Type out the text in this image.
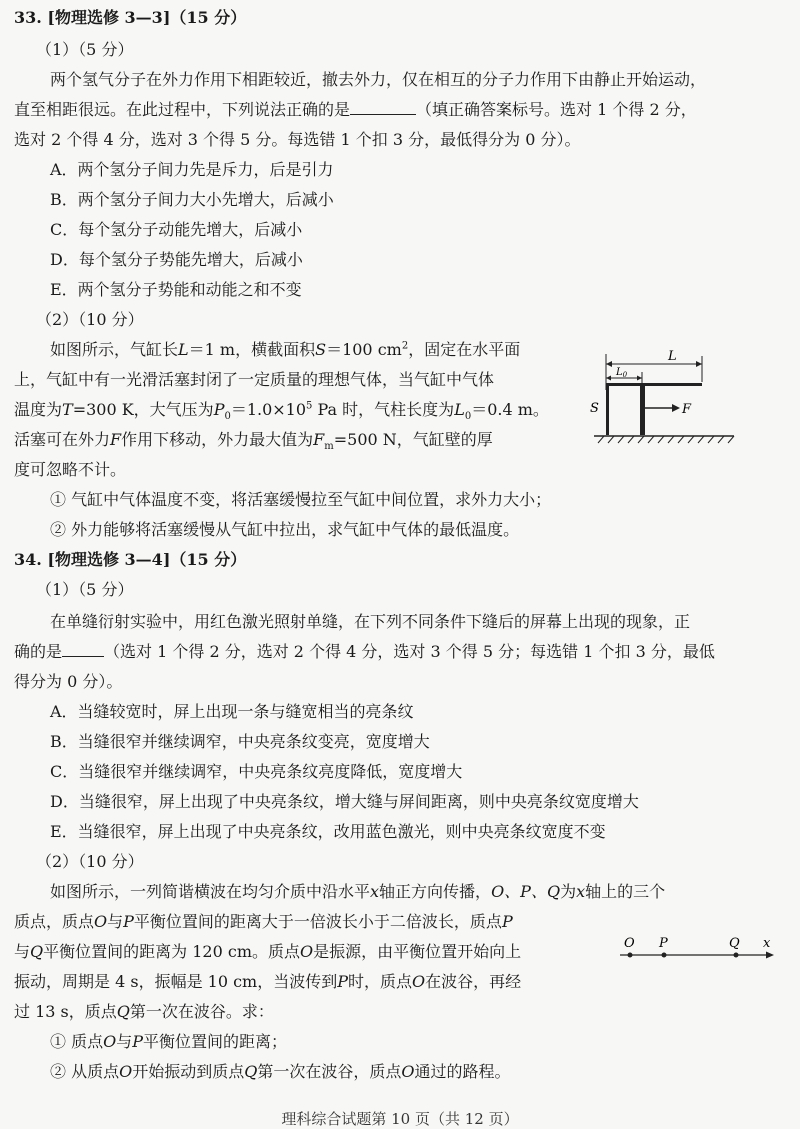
33. [物理选修 3—3]（15 分）
（1）（5 分）
两个氢气分子在外力作用下相距较近，撤去外力，仅在相互的分子力作用下由静止开始运动，
直至相距很远。在此过程中，下列说法正确的是	（填正确答案标号。选对 1 个得 2 分，
选对 2 个得 4 分，选对 3 个得 5 分。每选错 1 个扣 3 分，最低得分为 0 分）。
A．两个氢分子间力先是斥力，后是引力
B．两个氢分子间力大小先增大，后减小
C．每个氢分子动能先增大，后减小
D．每个氢分子势能先增大，后减小
E．两个氢分子势能和动能之和不变
（2）（10 分）
如图所示，气缸长L＝1 m，横截面积S＝100 $cm^2$，固定在水平面
上，气缸中有一光滑活塞封闭了一定质量的理想气体，当气缸中气体
温度为T=300 K，大气压为$P_0=1.0\times 10^5$ Pa 时，气柱长度为$L_0=0.4$ m。
活塞可在外力F作用下移动，外力最大值为$F_m=500$ N，气缸壁的厚
度可忽略不计。
① 气缸中气体温度不变，将活塞缓慢拉至气缸中间位置，求外力大小；
② 外力能够将活塞缓慢从气缸中拉出，求气缸中气体的最低温度。
L
$L_0$
F
S
34. [物理选修 3—4]（15 分）
（1）（5 分）
在单缝衍射实验中，用红色激光照射单缝，在下列不同条件下缝后的屏幕上出现的现象，正
确的是	（选对 1 个得 2 分，选对 2 个得 4 分，选对 3 个得 5 分；每选错 1 个扣 3 分，最低
得分为 0 分）。
A．当缝较宽时，屏上出现一条与缝宽相当的亮条纹
B．当缝很窄并继续调窄，中央亮条纹变亮，宽度增大
C．当缝很窄并继续调窄，中央亮条纹亮度降低，宽度增大
D．当缝很窄，屏上出现了中央亮条纹，增大缝与屏间距离，则中央亮条纹宽度增大
E．当缝很窄，屏上出现了中央亮条纹，改用蓝色激光，则中央亮条纹宽度不变
（2）（10 分）
如图所示，一列简谐横波在均匀介质中沿水平x轴正方向传播，O、P、Q为x轴上的三个
质点，质点O与P平衡位置间的距离大于一倍波长小于二倍波长，质点P
与Q平衡位置间的距离为 120 cm。质点O是振源，由平衡位置开始向上
振动，周期是 4 s，振幅是 10 cm，当波传到P时，质点O在波谷，再经
过 13 s，质点Q第一次在波谷。求：
① 质点O与P平衡位置间的距离；
② 从质点O开始振动到质点Q第一次在波谷，质点O通过的路程。
O P	Q x
理科综合试题第 10 页（共 12 页）
